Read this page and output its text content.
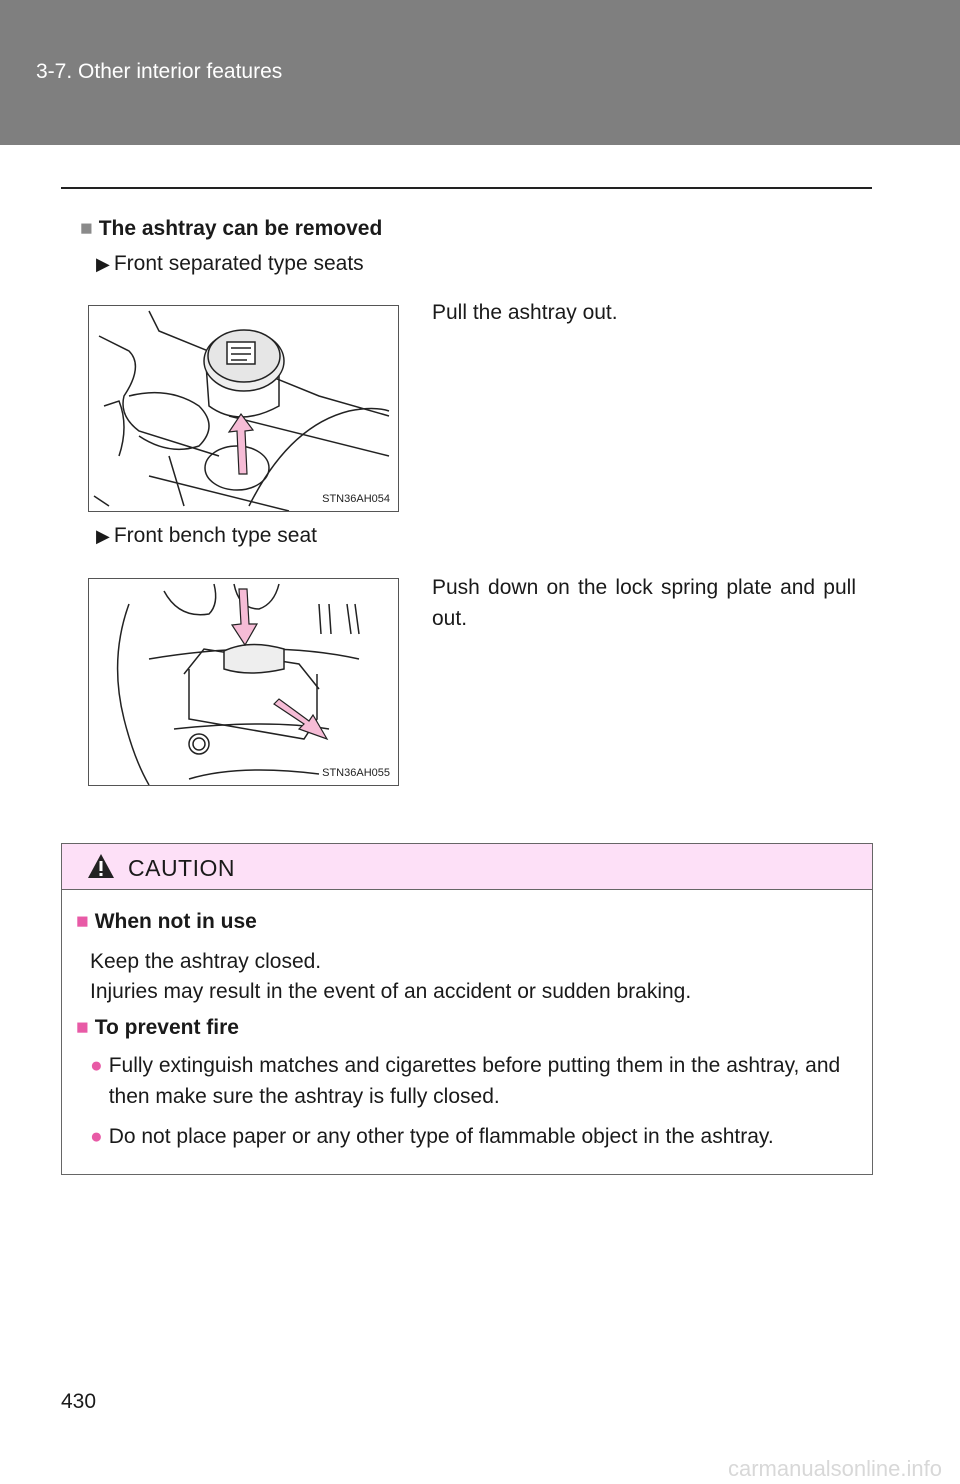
3-7. Other interior features
■ The ashtray can be removed
▶ Front separated type seats
STN36AH054
Pull the ashtray out.
▶ Front bench type seat
STN36AH055
Push down on the lock spring plate and pull out.
CAUTION
■ When not in use
Keep the ashtray closed.
Injuries may result in the event of an accident or sudden braking.
■ To prevent fire
● Fully extinguish matches and cigarettes before putting them in the ashtray, and then make sure the ashtray is fully closed.
● Do not place paper or any other type of flammable object in the ashtray.
430
carmanualsonline.info
